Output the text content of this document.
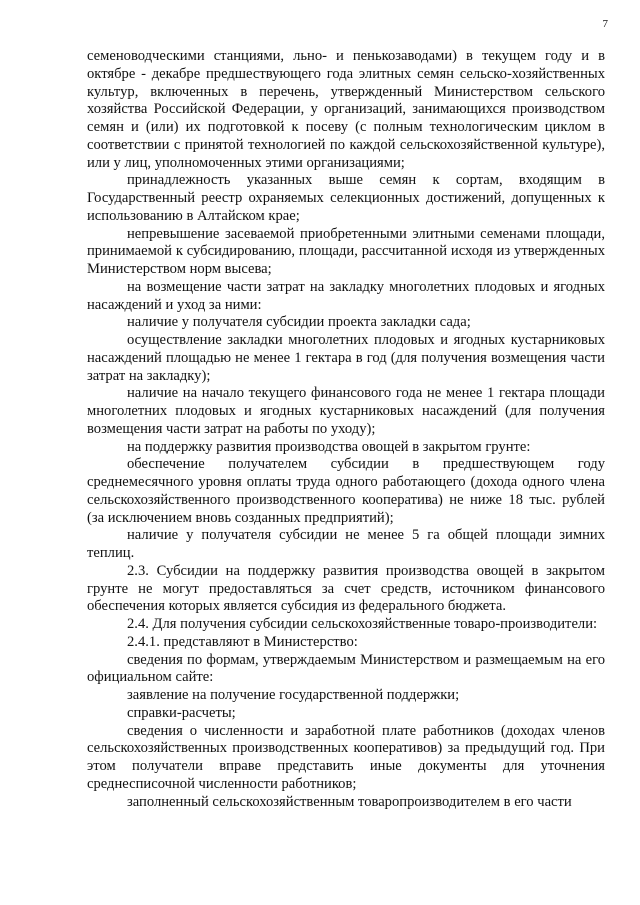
7

семеноводческими станциями, льно- и пенькозаводами) в текущем году и в октябре - декабре предшествующего года элитных семян сельско-хозяйственных культур, включенных в перечень, утвержденный Министерством сельского хозяйства Российской Федерации, у организаций, занимающихся производством семян и (или) их подготовкой к посеву (с полным технологическим циклом в соответствии с принятой технологией по каждой сельскохозяйственной культуре), или у лиц, уполномоченных этими организациями;

принадлежность указанных выше семян к сортам, входящим в Государственный реестр охраняемых селекционных достижений, допущенных к использованию в Алтайском крае;

непревышение засеваемой приобретенными элитными семенами площади, принимаемой к субсидированию, площади, рассчитанной исходя из утвержденных Министерством норм высева;

на возмещение части затрат на закладку многолетних плодовых и ягодных насаждений и уход за ними:

наличие у получателя субсидии проекта закладки сада;

осуществление закладки многолетних плодовых и ягодных кустарниковых насаждений площадью не менее 1 гектара в год (для получения возмещения части затрат на закладку);

наличие на начало текущего финансового года не менее 1 гектара площади многолетних плодовых и ягодных кустарниковых насаждений (для получения возмещения части затрат на работы по уходу);

на поддержку развития производства овощей в закрытом грунте:

обеспечение получателем субсидии в предшествующем году среднемесячного уровня оплаты труда одного работающего (дохода одного члена сельскохозяйственного производственного кооператива) не ниже 18 тыс. рублей (за исключением вновь созданных предприятий);

наличие у получателя субсидии не менее 5 га общей площади зимних теплиц.

2.3. Субсидии на поддержку развития производства овощей в закрытом грунте не могут предоставляться за счет средств, источником финансового обеспечения которых является субсидия из федерального бюджета.

2.4. Для получения субсидии сельскохозяйственные товаро-производители:

2.4.1. представляют в Министерство:

сведения по формам, утверждаемым Министерством и размещаемым на его официальном сайте:

заявление на получение государственной поддержки;

справки-расчеты;

сведения о численности и заработной плате работников (доходах членов сельскохозяйственных производственных кооперативов) за предыдущий год. При этом получатели вправе представить иные документы для уточнения среднесписочной численности работников;

заполненный сельскохозяйственным товаропроизводителем в его части
